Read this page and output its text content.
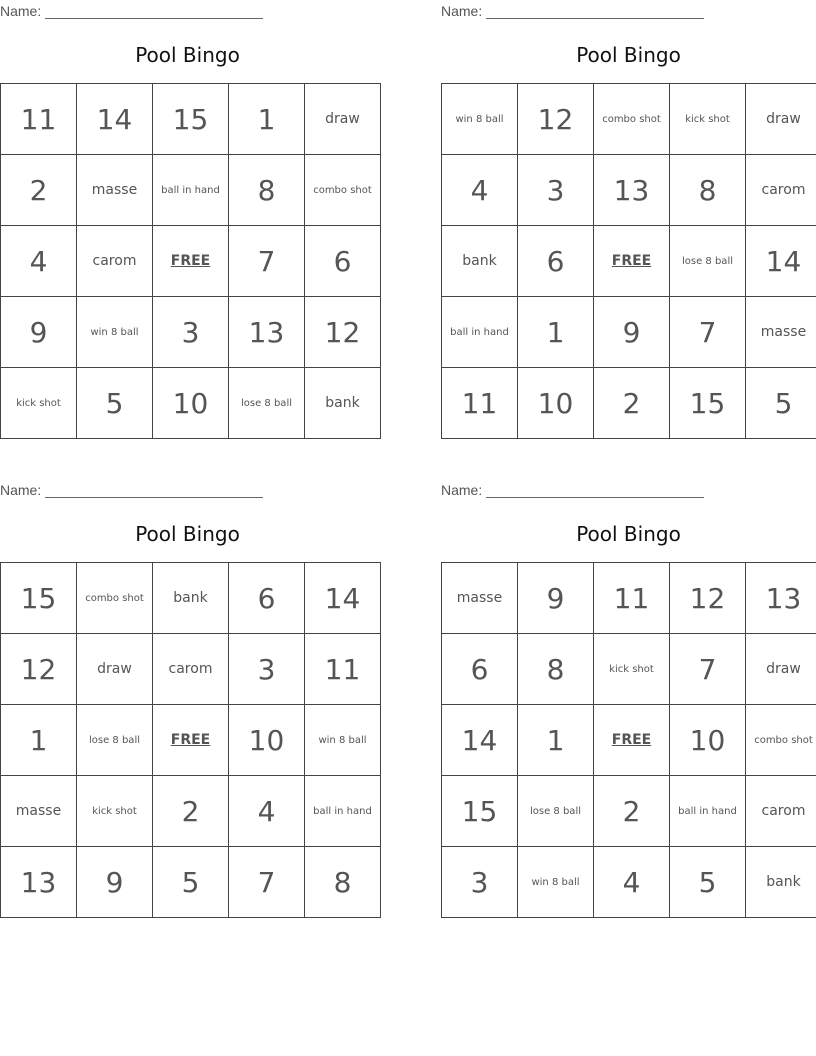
Name:
Pool Bingo
11	14	15	1	draw
2	masse	ball in hand	8	combo shot
4	carom	FREE	7	6
9	win 8 ball	3	13	12
kick shot	5	10	lose 8 ball	bank
Name:
Pool Bingo
win 8 ball	12	combo shot	kick shot	draw
4	3	13	8	carom
bank	6	FREE	lose 8 ball	14
ball in hand	1	9	7	masse
11	10	2	15	5
Name:
Pool Bingo
15	combo shot	bank	6	14
12	draw	carom	3	11
1	lose 8 ball	FREE	10	win 8 ball
masse	kick shot	2	4	ball in hand
13	9	5	7	8
Name:
Pool Bingo
masse	9	11	12	13
6	8	kick shot	7	draw
14	1	FREE	10	combo shot
15	lose 8 ball	2	ball in hand	carom
3	win 8 ball	4	5	bank
